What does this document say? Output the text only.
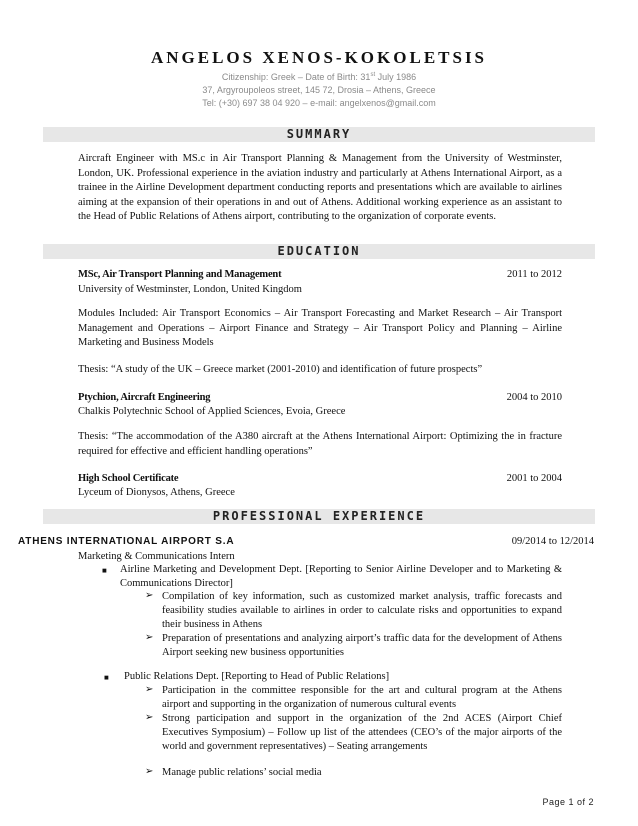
ANGELOS XENOS-KOKOLETSIS
Citizenship: Greek – Date of Birth: 31st July 1986
37, Argyroupoleos street, 145 72, Drosia – Athens, Greece
Tel: (+30) 697 38 04 920 – e-mail: angelxenos@gmail.com
SUMMARY
Aircraft Engineer with MS.c in Air Transport Planning & Management from the University of Westminster, London, UK. Professional experience in the aviation industry and particularly at Athens International Airport, as a trainee in the Airline Development department conducting reports and presentations which are available to airlines aiming at the expansion of their operations in and out of Athens. Additional working experience as an assistant to the Head of Public Relations of Athens airport, contributing to the organization of corporate events.
EDUCATION
MSc, Air Transport Planning and Management	2011 to 2012
University of Westminster, London, United Kingdom
Modules Included: Air Transport Economics – Air Transport Forecasting and Market Research – Air Transport Management and Operations – Airport Finance and Strategy – Air Transport Policy and Planning – Airline Marketing and Business Models
Thesis: “A study of the UK – Greece market (2001-2010) and identification of future prospects”
Ptychion, Aircraft Engineering	2004 to 2010
Chalkis Polytechnic School of Applied Sciences, Evoia, Greece
Thesis: “The accommodation of the A380 aircraft at the Athens International Airport: Optimizing the in fracture required for effective and efficient handling operations”
High School Certificate	2001 to 2004
Lyceum of Dionysos, Athens, Greece
PROFESSIONAL EXPERIENCE
ATHENS INTERNATIONAL AIRPORT S.A	09/2014 to 12/2014
Marketing & Communications Intern
■ Airline Marketing and Development Dept. [Reporting to Senior Airline Developer and to Marketing & Communications Director]
➢ Compilation of key information, such as customized market analysis, traffic forecasts and feasibility studies available to airlines in order to calculate risks and opportunities to expand their business in Athens
➢ Preparation of presentations and analyzing airport’s traffic data for the development of Athens Airport seeking new business opportunities
■ Public Relations Dept. [Reporting to Head of Public Relations]
➢ Participation in the committee responsible for the art and cultural program at the Athens airport and supporting in the organization of numerous cultural events
➢ Strong participation and support in the organization of the 2nd ACES (Airport Chief Executives Symposium) – Follow up list of the attendees (CEO’s of the major airports of the world and government representatives) – Seating arrangements
➢ Manage public relations’ social media
Page 1 of 2
